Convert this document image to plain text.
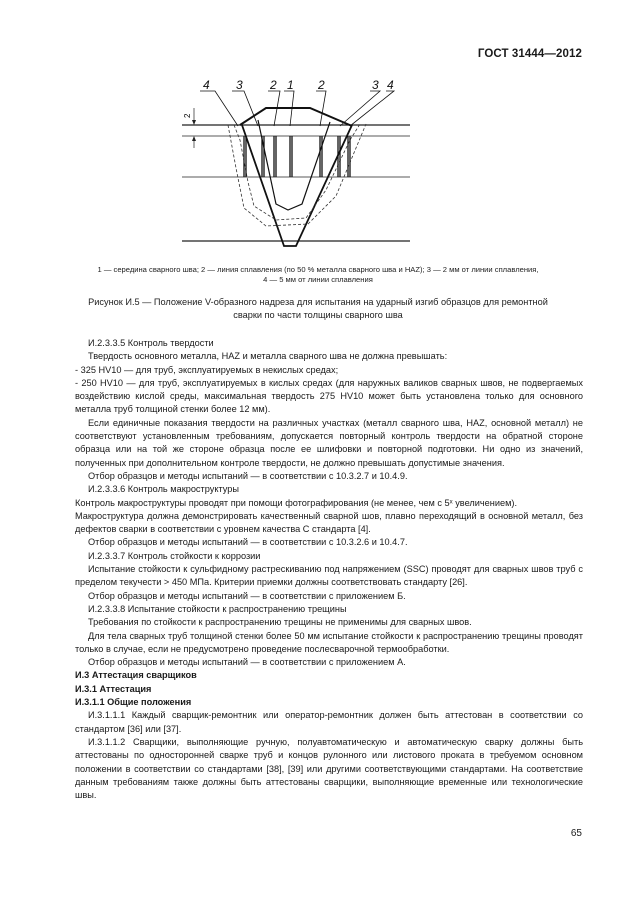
ГОСТ 31444—2012
2
4 3 2 1 2	3 4
1 — середина сварного шва; 2 — линия сплавления (по 50 % металла сварного шва и HAZ); 3 — 2 мм от линии сплавления,
4 — 5 мм от линии сплавления
Рисунок И.5 — Положение V-образного надреза для испытания на ударный изгиб образцов для ремонтной
сварки по части толщины сварного шва

И.2.3.3.5 Контроль твердости

Твердость основного металла, HAZ и металла сварного шва не должна превышать:

- 325 HV10 — для труб, эксплуатируемых в некислых средах;

- 250 HV10 — для труб, эксплуатируемых в кислых средах (для наружных валиков сварных швов, не подвергаемых воздействию кислой среды, максимальная твердость 275 HV10 может быть установлена только для основного металла труб толщиной стенки более 12 мм).

Если единичные показания твердости на различных участках (металл сварного шва, HAZ, основной металл) не соответствуют установленным требованиям, допускается повторный контроль твердости на обратной стороне образца или на той же стороне образца после ее шлифовки и повторной подготовки. Ни одно из значений, полученных при дополнительном контроле твердости, не должно превышать допустимые значения.

Отбор образцов и методы испытаний — в соответствии с 10.3.2.7 и 10.4.9.

И.2.3.3.6 Контроль макроструктуры

Контроль макроструктуры проводят при помощи фотографирования (не менее, чем с 5ˣ увеличением).

Макроструктура должна демонстрировать качественный сварной шов, плавно переходящий в основной металл, без дефектов сварки в соответствии с уровнем качества С стандарта [4].

Отбор образцов и методы испытаний — в соответствии с 10.3.2.6 и 10.4.7.

И.2.3.3.7 Контроль стойкости к коррозии

Испытание стойкости к сульфидному растрескиванию под напряжением (SSC) проводят для сварных швов труб с пределом текучести > 450 МПа. Критерии приемки должны соответствовать стандарту [26].

Отбор образцов и методы испытаний — в соответствии с приложением Б.

И.2.3.3.8 Испытание стойкости к распространению трещины

Требования по стойкости к распространению трещины не применимы для сварных швов.

Для тела сварных труб толщиной стенки более 50 мм испытание стойкости к распространению трещины проводят только в случае, если не предусмотрено проведение послесварочной термообработки.

Отбор образцов и методы испытаний — в соответствии с приложением А.

И.3 Аттестация сварщиков

И.3.1 Аттестация

И.3.1.1 Общие положения

И.3.1.1.1 Каждый сварщик-ремонтник или оператор-ремонтник должен быть аттестован в соответствии со стандартом [36] или [37].

И.3.1.1.2 Сварщики, выполняющие ручную, полуавтоматическую и автоматическую сварку должны быть аттестованы по односторонней сварке труб и концов рулонного или листового проката в требуемом основном положении в соответствии со стандартами [38], [39] или другими соответствующими стандартами. На соответствие данным требованиям также должны быть аттестованы сварщики, выполняющие временные или технологические швы.

65
